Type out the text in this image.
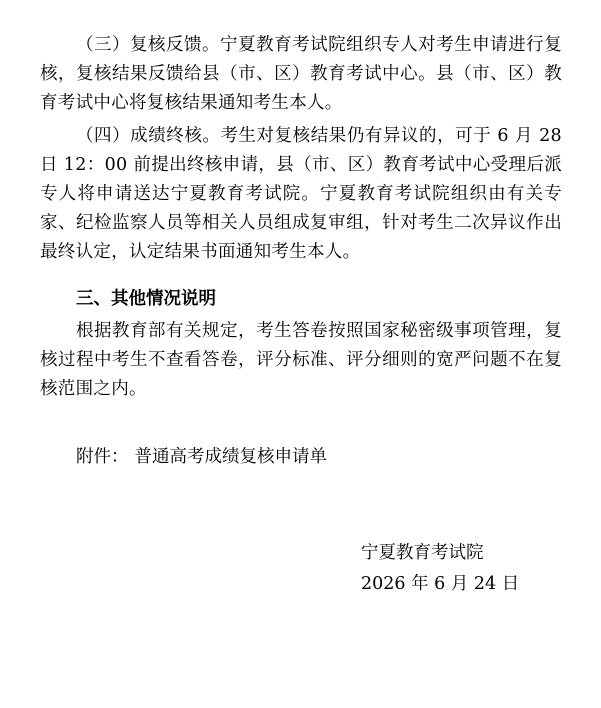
（三）复核反馈。宁夏教育考试院组织专人对考生申请进行复核，复核结果反馈给县（市、区）教育考试中心。县（市、区）教育考试中心将复核结果通知考生本人。

（四）成绩终核。考生对复核结果仍有异议的，可于 6 月 28 日 12：00 前提出终核申请，县（市、区）教育考试中心受理后派专人将申请送达宁夏教育考试院。宁夏教育考试院组织由有关专家、纪检监察人员等相关人员组成复审组，针对考生二次异议作出最终认定，认定结果书面通知考生本人。

三、其他情况说明

根据教育部有关规定，考生答卷按照国家秘密级事项管理，复核过程中考生不查看答卷，评分标准、评分细则的宽严问题不在复核范围之内。

附件： 普通高考成绩复核申请单

宁夏教育考试院

2026 年 6 月 24 日
